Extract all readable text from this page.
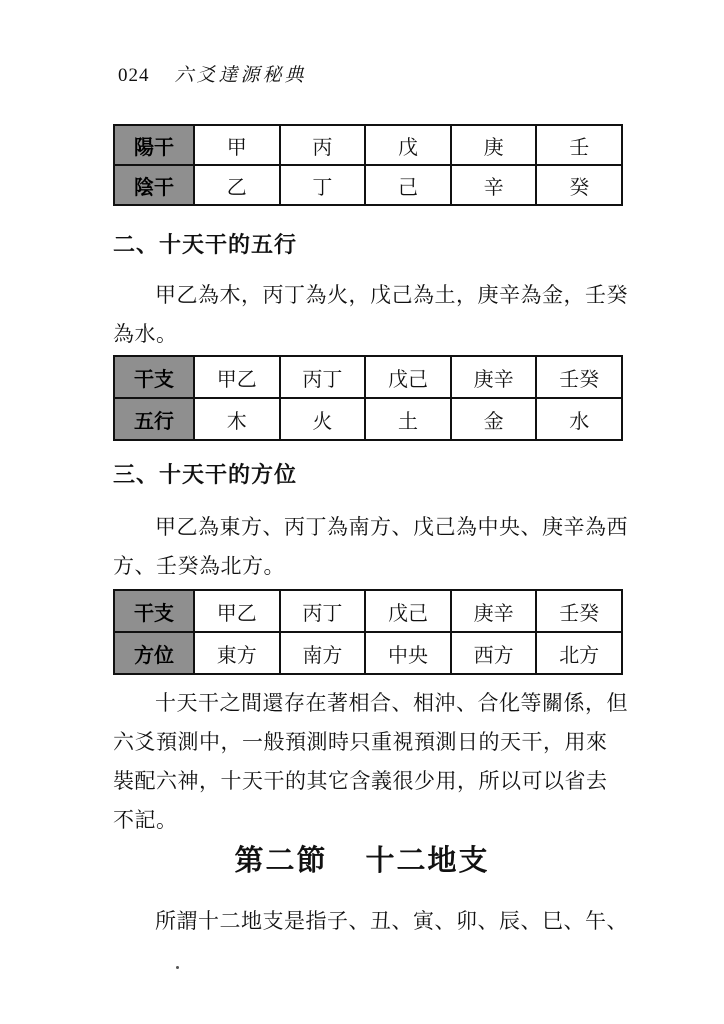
024 六爻達源秘典
陽干	甲	丙	戊	庚	壬
陰干	乙	丁	己	辛	癸
二、十天干的五行
甲乙為木，丙丁為火，戊己為土，庚辛為金，壬癸為水。
干支	甲乙	丙丁	戊己	庚辛	壬癸
五行	木	火	土	金	水
三、十天干的方位
甲乙為東方、丙丁為南方、戊己為中央、庚辛為西方、壬癸為北方。
干支	甲乙	丙丁	戊己	庚辛	壬癸
方位	東方	南方	中央	西方	北方
十天干之間還存在著相合、相沖、合化等關係，但六爻預測中，一般預測時只重視預測日的天干，用來裝配六神，十天干的其它含義很少用，所以可以省去不記。
第二節 十二地支
所謂十二地支是指子、丑、寅、卯、辰、巳、午、
